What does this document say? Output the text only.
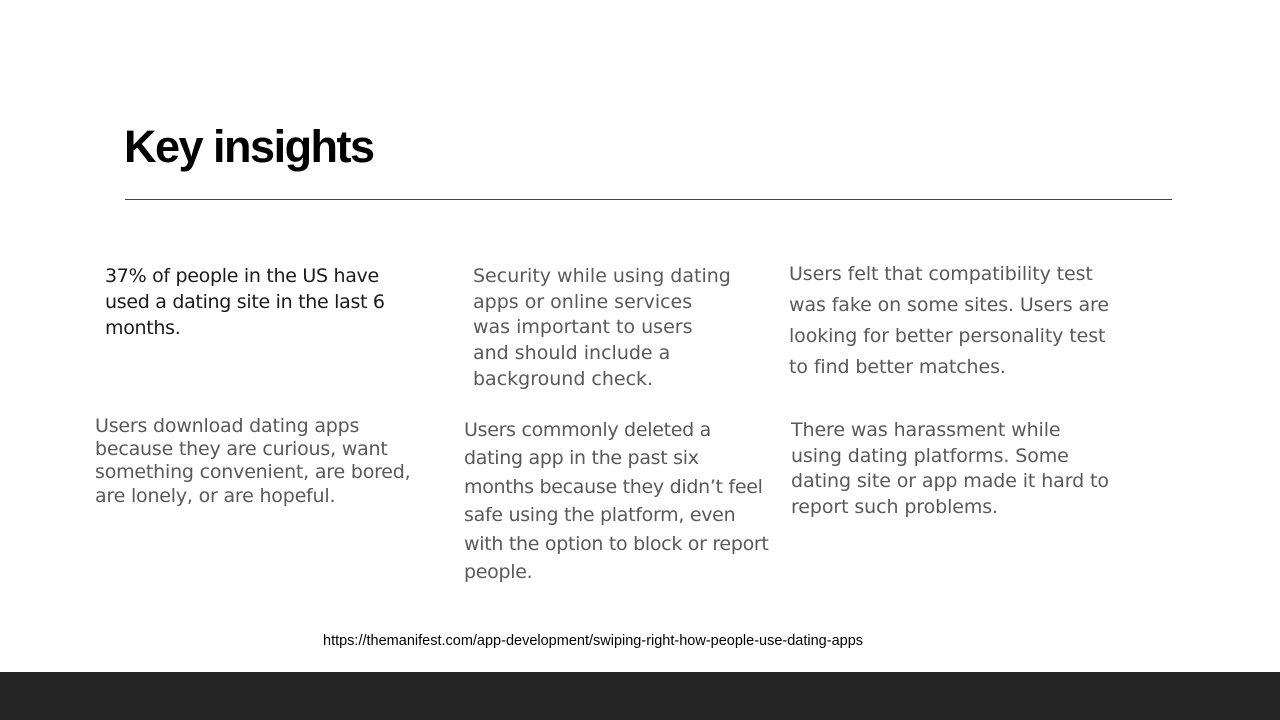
Key insights

37% of people in the US have used a dating site in the last 6 months.

Security while using dating apps or online services was important to users and should include a background check.

Users felt that compatibility test was fake on some sites. Users are looking for better personality test to find better matches.

Users download dating apps because they are curious, want something convenient, are bored, are lonely, or are hopeful.

Users commonly deleted a dating app in the past six months because they didn’t feel safe using the platform, even with the option to block or report people.

There was harassment while using dating platforms. Some dating site or app made it hard to report such problems.

https://themanifest.com/app-development/swiping-right-how-people-use-dating-apps
